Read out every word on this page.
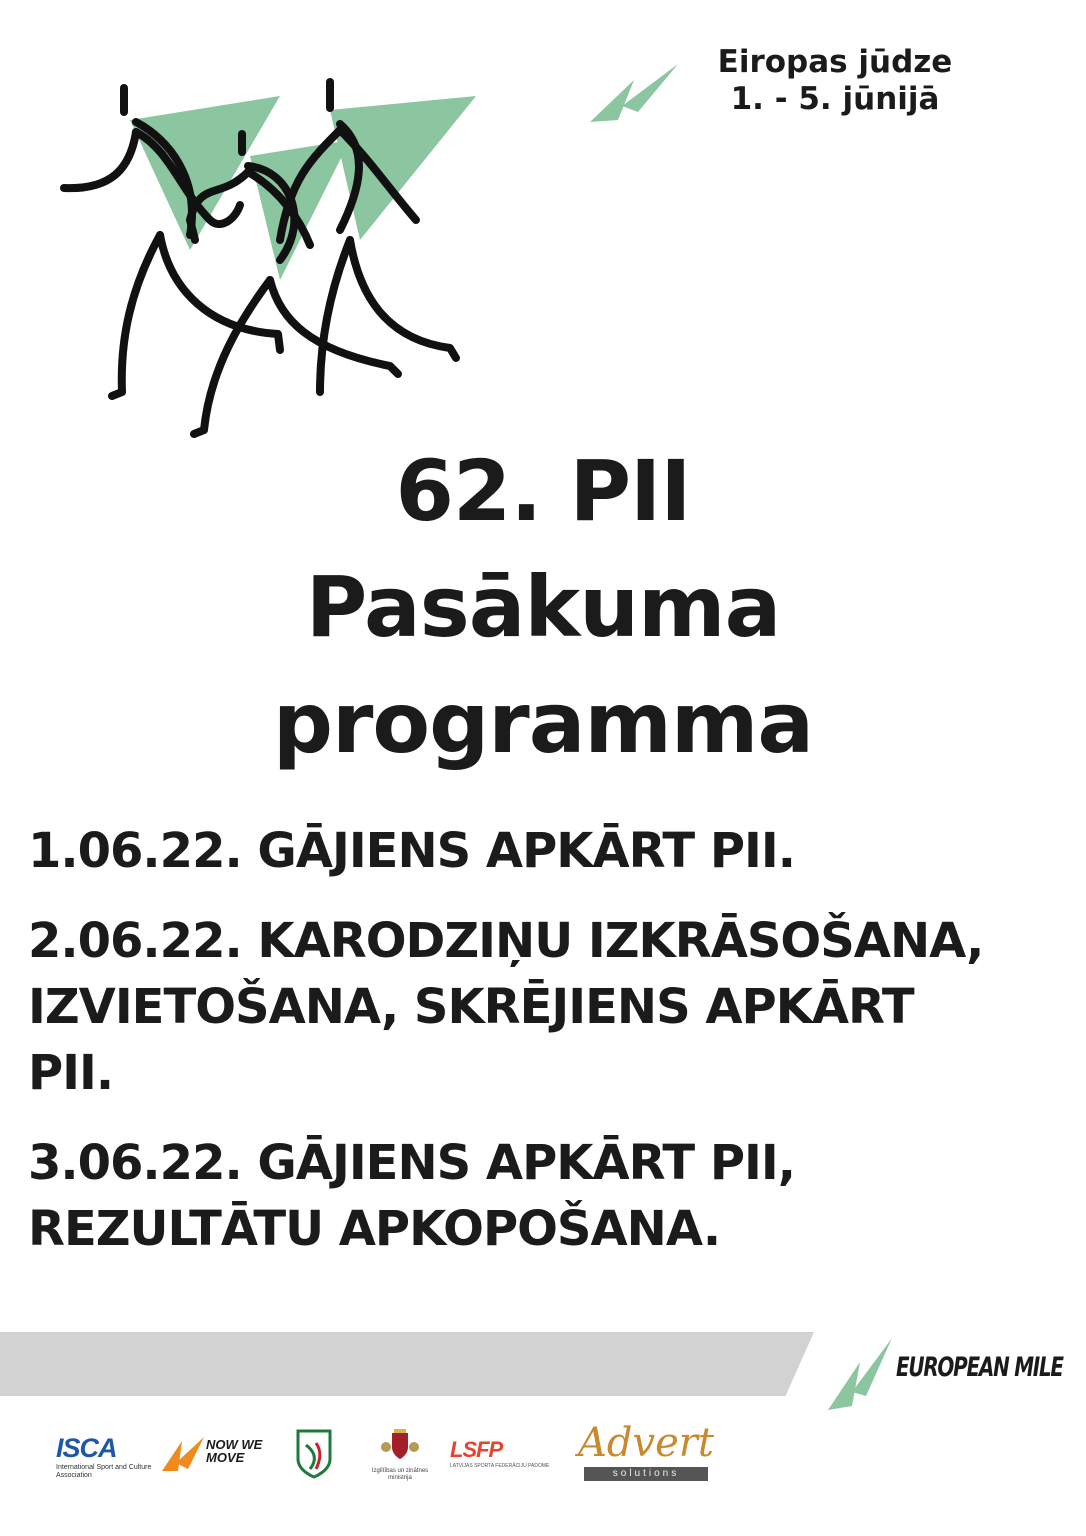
Eiropas jūdze
1. - 5. jūnijā
62. PII
Pasākuma
programma
1.06.22. GĀJIENS APKĀRT PII.
2.06.22. KARODZIŅU IZKRĀSOŠANA,
IZVIETOŠANA, SKRĒJIENS APKĀRT
PII.
3.06.22. GĀJIENS APKĀRT PII,
REZULTĀTU APKOPOŠANA.
EUROPEAN MILE
ISCA
International Sport and Culture Association
NOW WE MOVE
Izglītības un zinātnes ministrija
LSFP
LATVIJAS SPORTA FEDERĀCIJU PADOME Advert
solutions
